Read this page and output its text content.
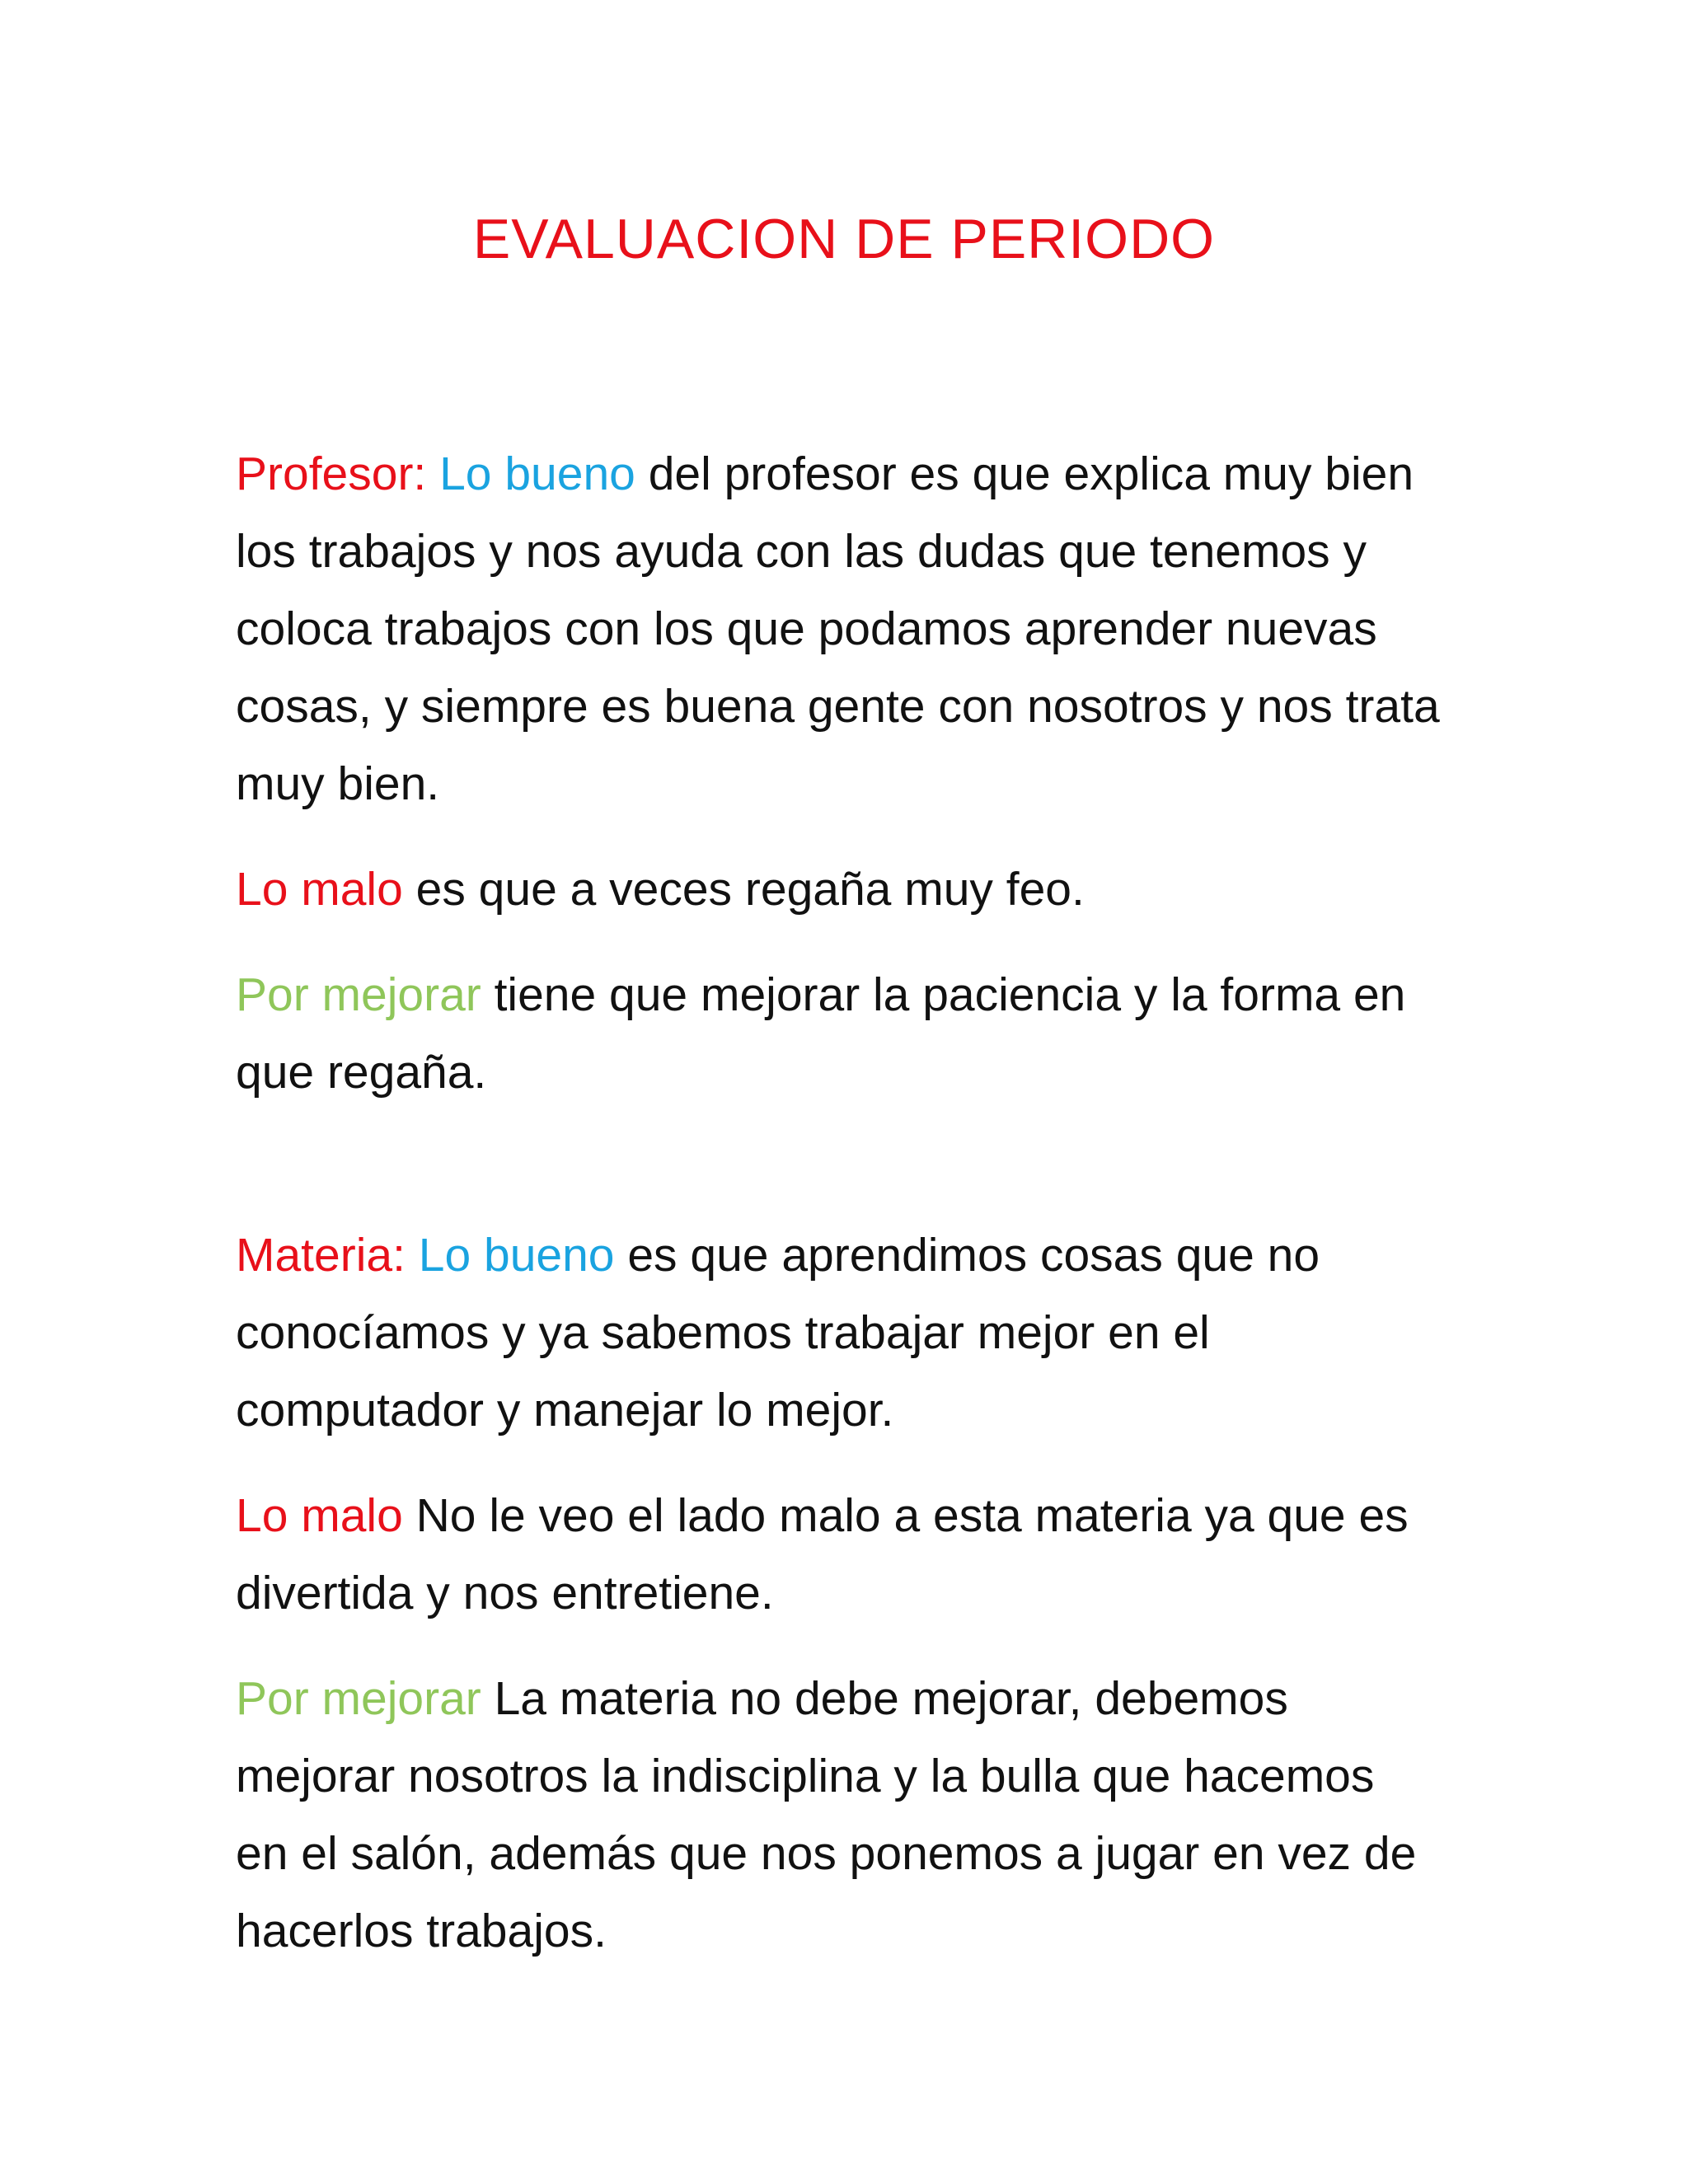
EVALUACION DE PERIODO

Profesor: Lo bueno del profesor es que explica muy bien los trabajos y nos ayuda con las dudas que tenemos y coloca trabajos con los que podamos aprender nuevas cosas, y siempre es buena gente con nosotros y nos trata muy bien.

Lo malo es que a veces regaña muy feo.

Por mejorar tiene que mejorar la paciencia y la forma en que regaña.

Materia: Lo bueno es que aprendimos cosas que no conocíamos y ya sabemos trabajar mejor en el computador y manejar lo mejor.

Lo malo No le veo el lado malo a esta materia ya que es divertida y nos entretiene.

Por mejorar La materia no debe mejorar, debemos mejorar nosotros la indisciplina y la bulla que hacemos en el salón, además que nos ponemos a jugar en vez de hacerlos trabajos.
